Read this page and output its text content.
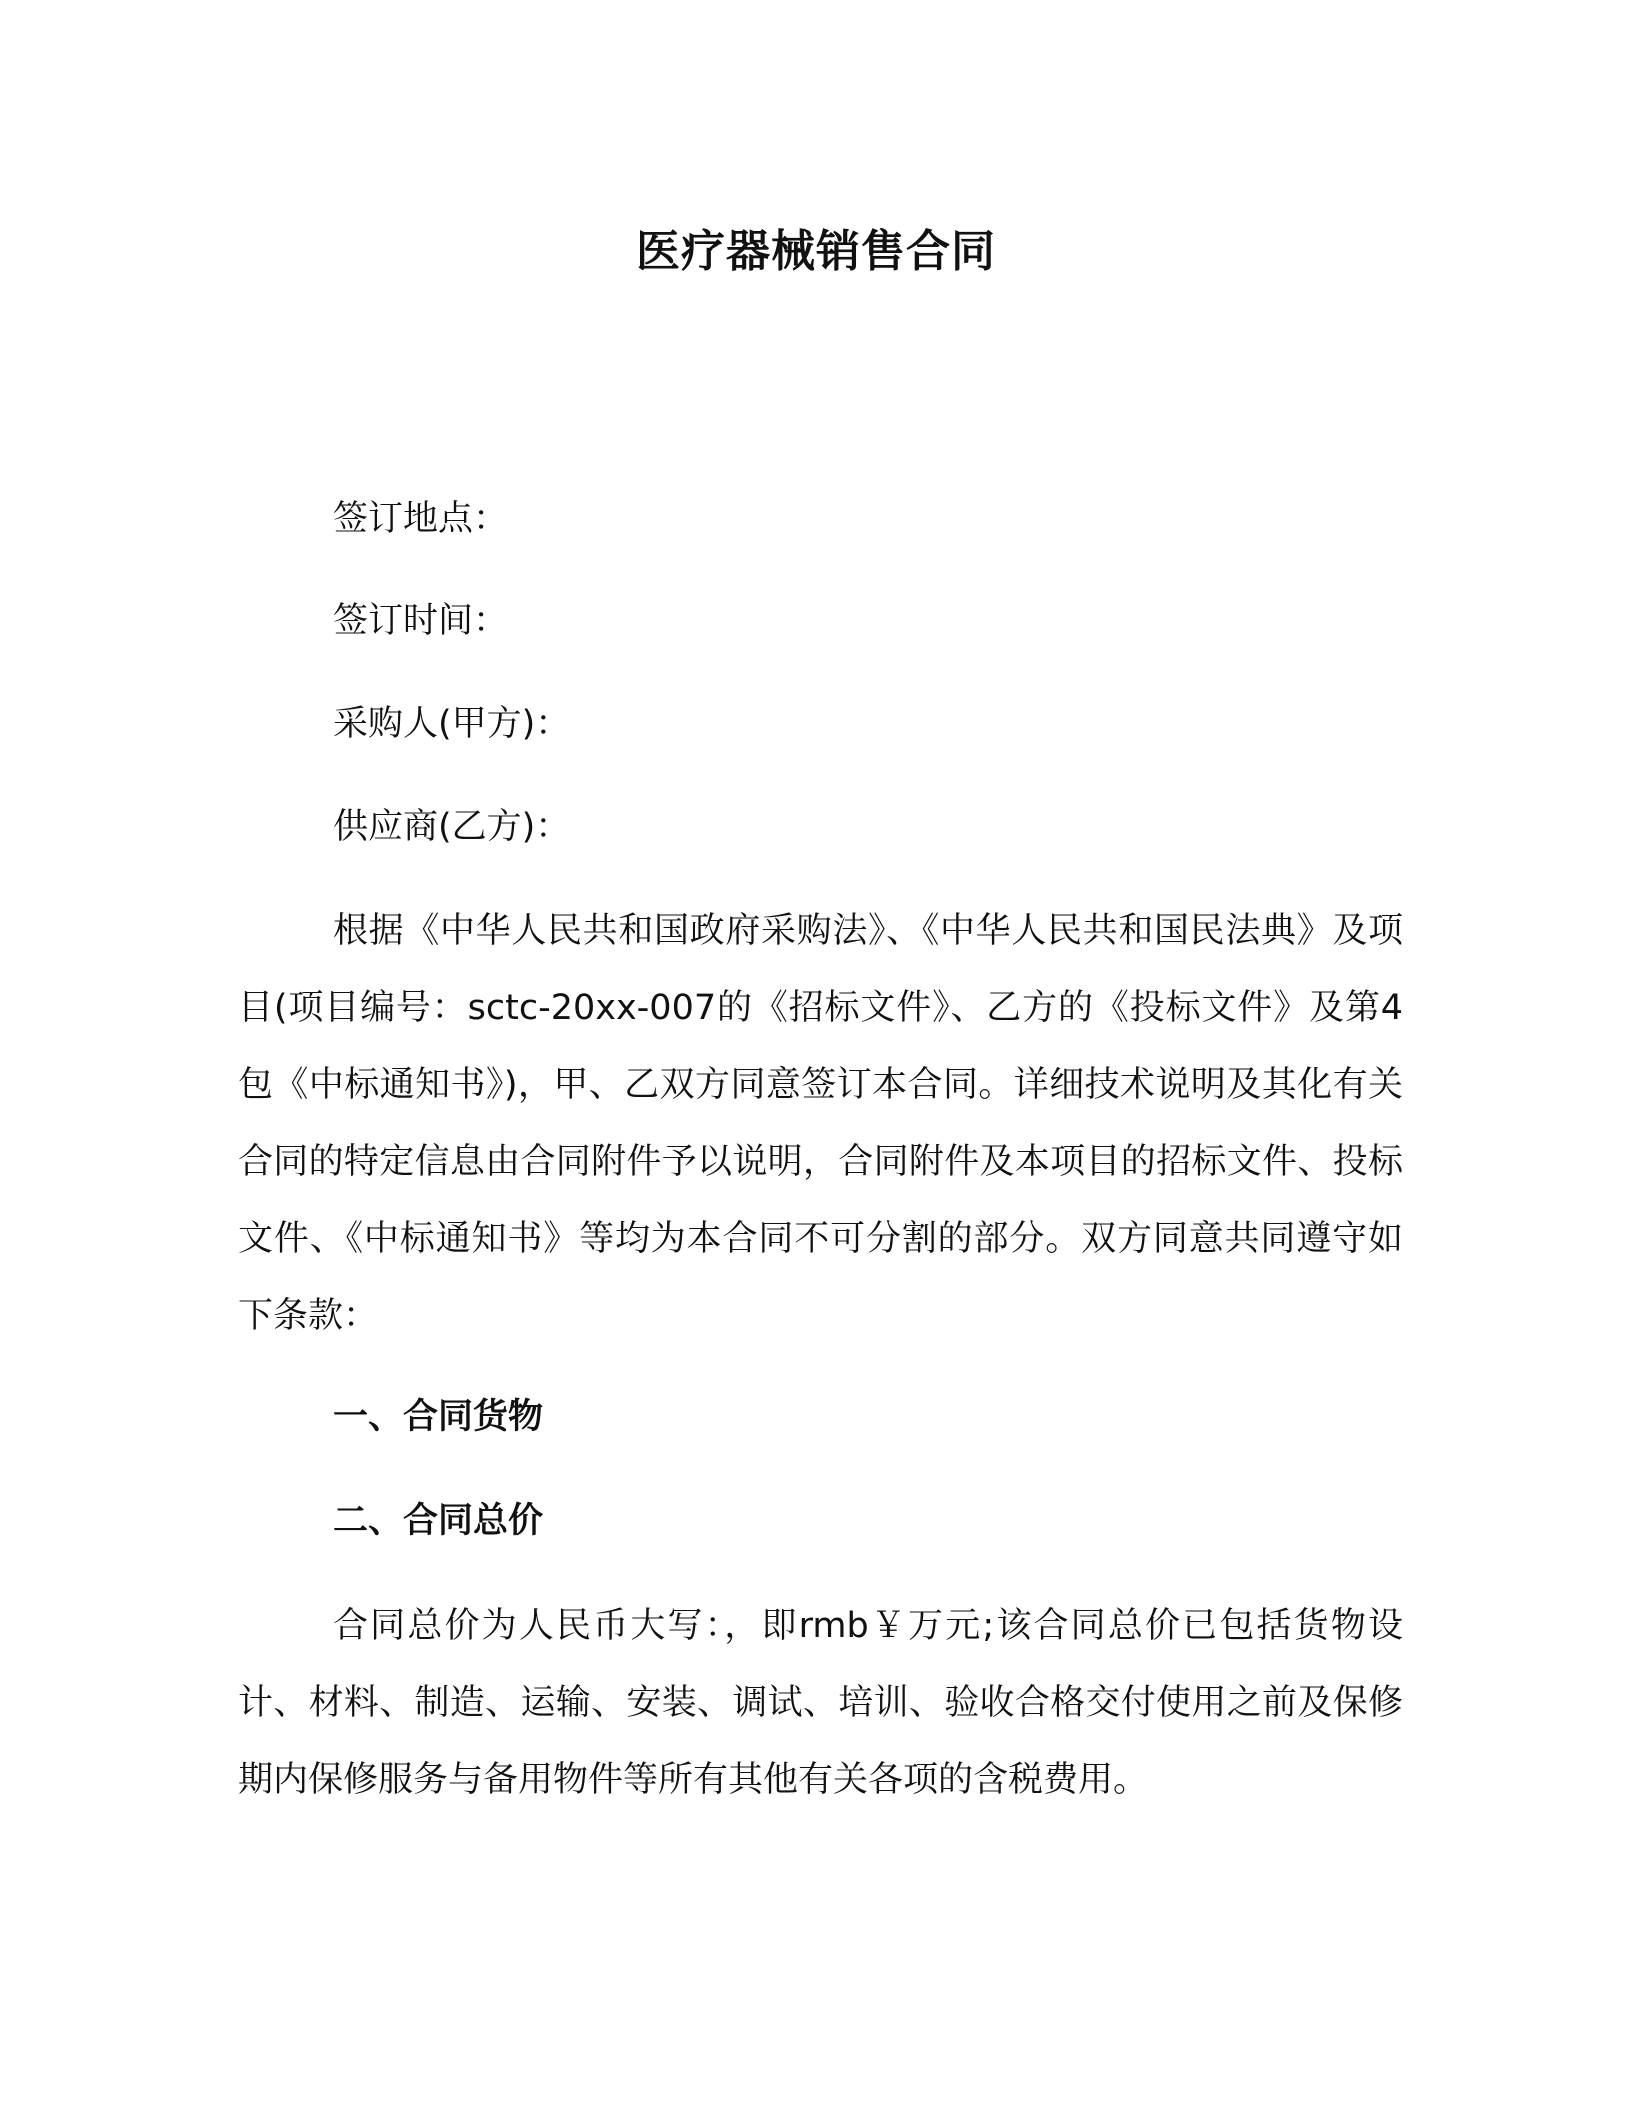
医疗器械销售合同
签订地点：
签订时间：
采购人(甲方)：
供应商(乙方)：
根据《中华人民共和国政府采购法》、《中华人民共和国民法典》及项目(项目编号：sctc-20xx-007的《招标文件》、乙方的《投标文件》及第4包《中标通知书》)，甲、乙双方同意签订本合同。详细技术说明及其化有关合同的特定信息由合同附件予以说明，合同附件及本项目的招标文件、投标文件、《中标通知书》等均为本合同不可分割的部分。双方同意共同遵守如下条款：
一、合同货物
二、合同总价
合同总价为人民币大写：，即rmb￥万元;该合同总价已包括货物设计、材料、制造、运输、安装、调试、培训、验收合格交付使用之前及保修期内保修服务与备用物件等所有其他有关各项的含税费用。
